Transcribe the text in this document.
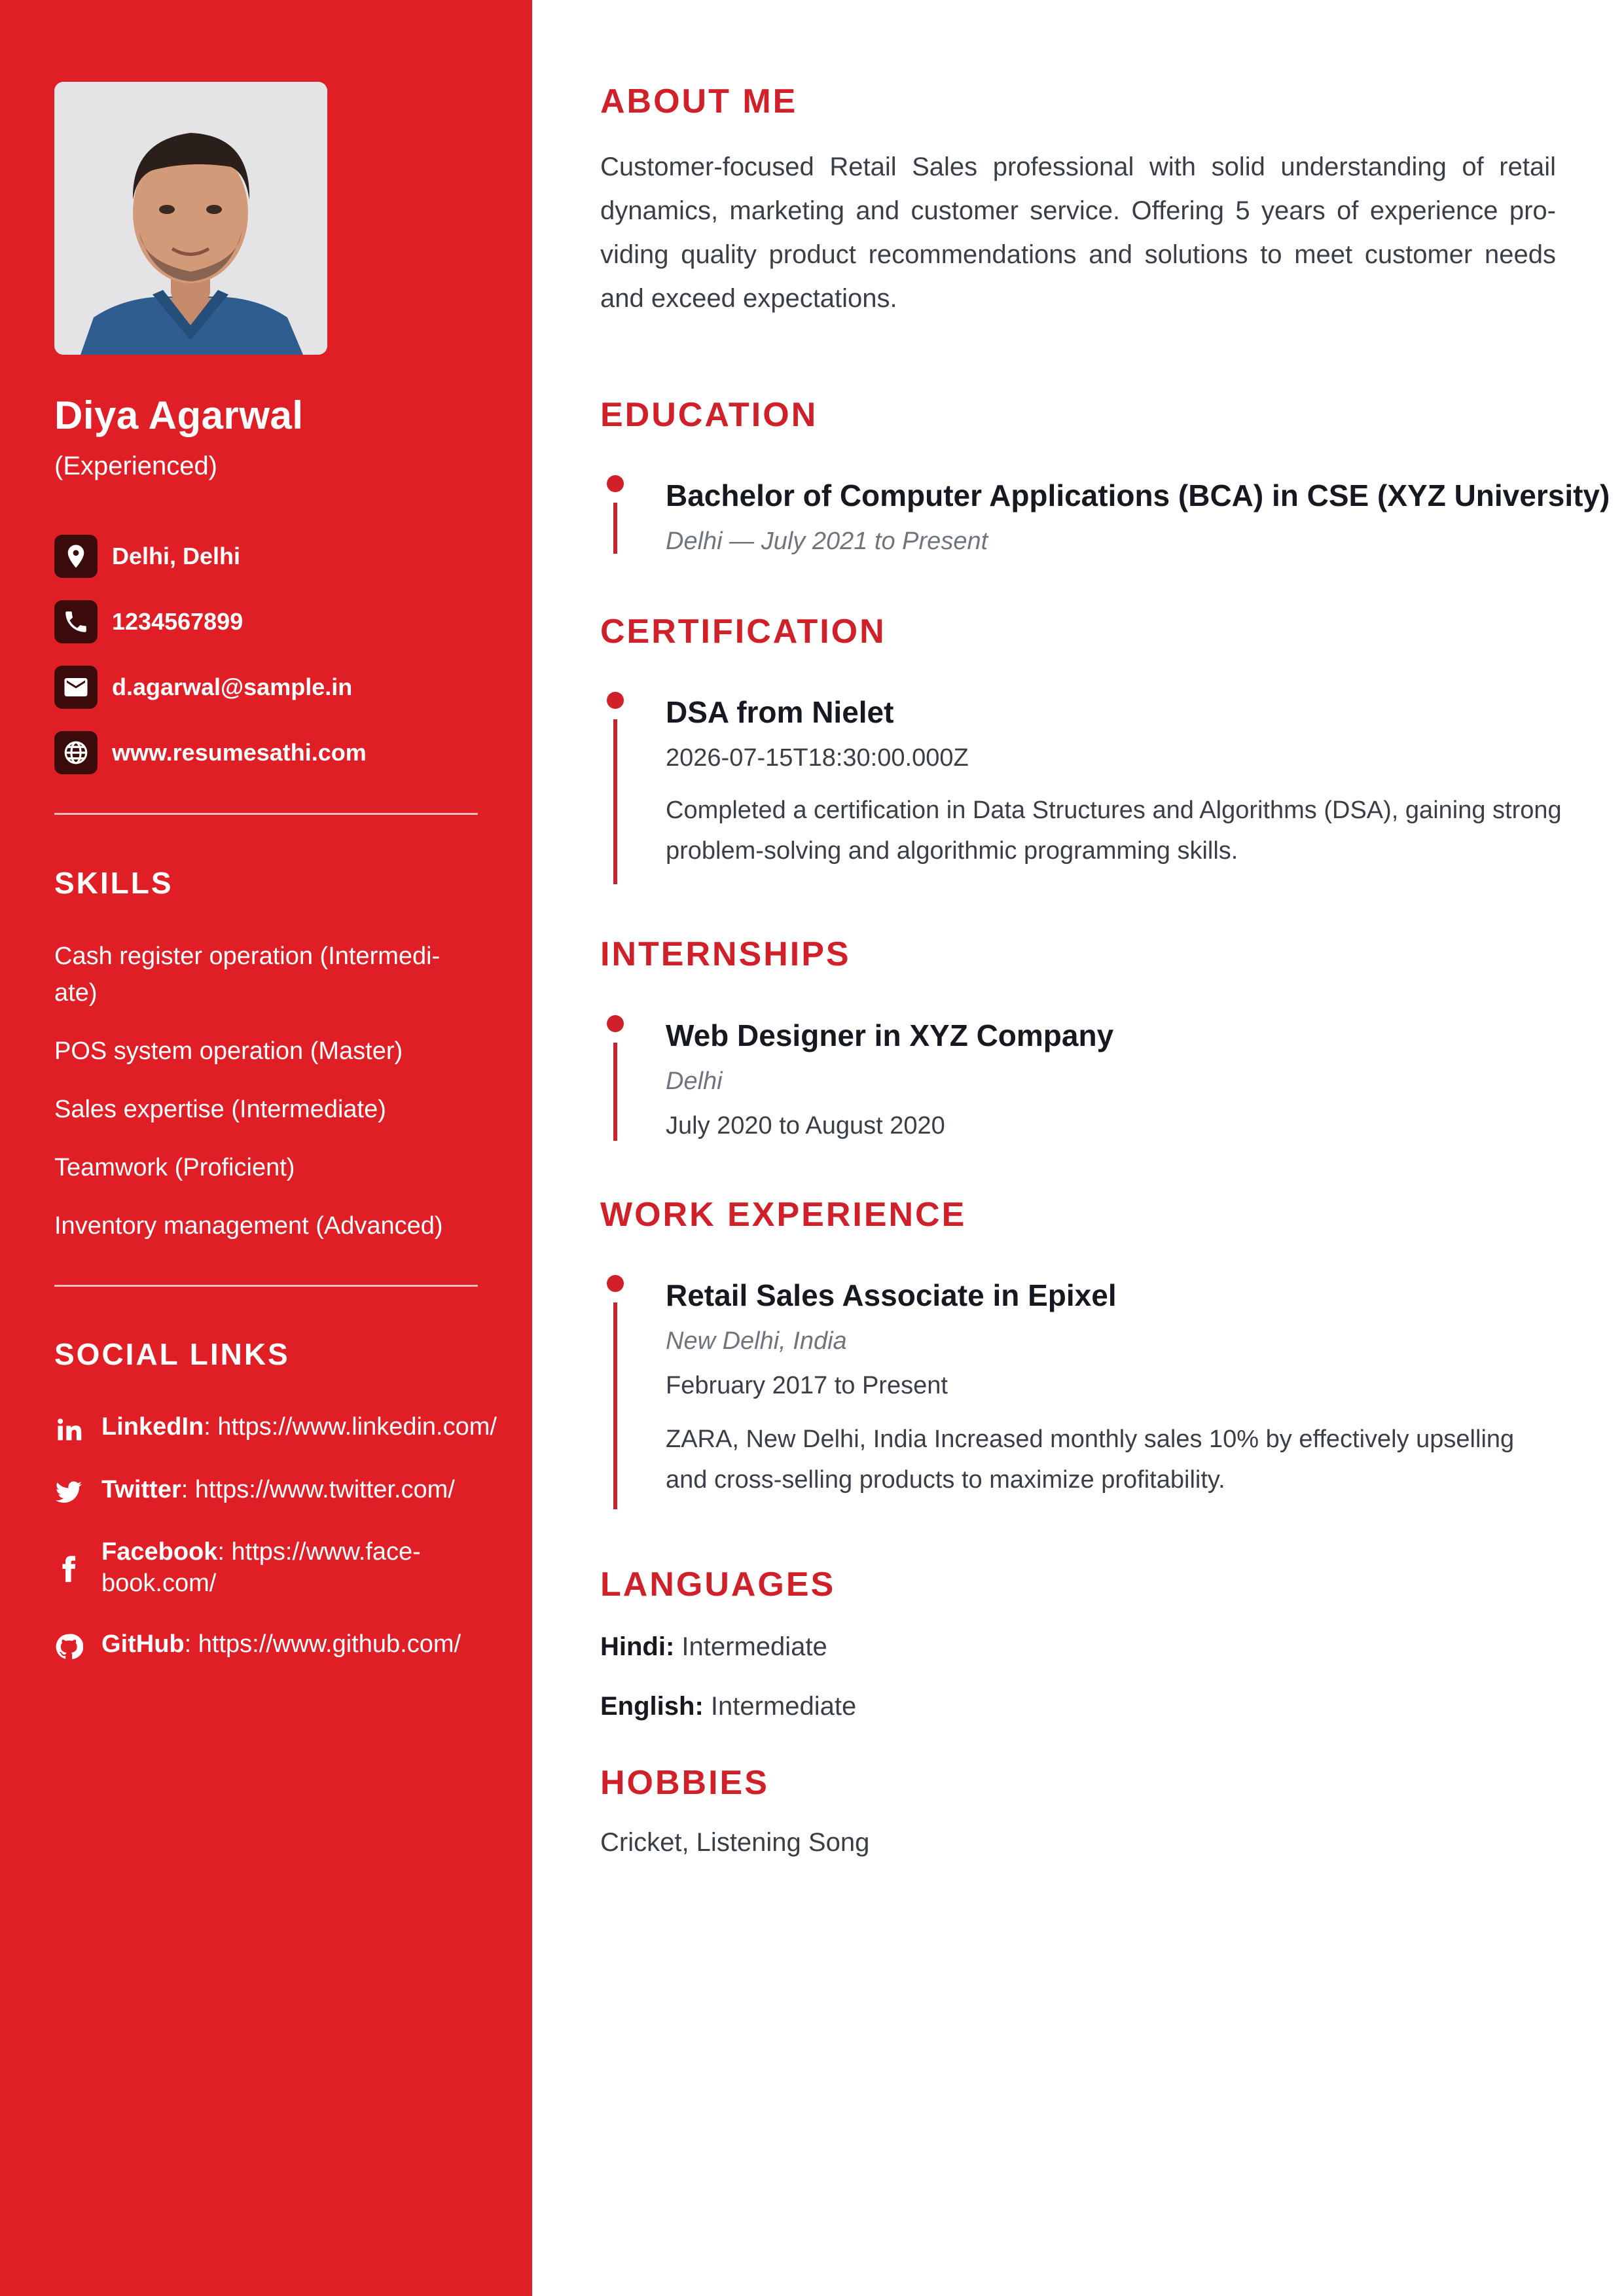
Diya Agarwal
(Experienced)
Delhi, Delhi
1234567899
d.agarwal@sample.in
www.resumesathi.com
SKILLS
Cash register operation (Intermedi-ate)
POS system operation (Master)
Sales expertise (Intermediate)
Teamwork (Proficient)
Inventory management (Advanced)
SOCIAL LINKS
LinkedIn: https://www.linkedin.com/
Twitter: https://www.twitter.com/
Facebook: https://www.face-book.com/
GitHub: https://www.github.com/
ABOUT ME
Customer-focused Retail Sales professional with solid understanding of retail dynamics, marketing and customer service. Offering 5 years of experience pro-viding quality product recommendations and solutions to meet customer needs and exceed expectations.
EDUCATION
Bachelor of Computer Applications (BCA) in CSE (XYZ University)
Delhi — July 2021 to Present
CERTIFICATION
DSA from Nielet
2026-07-15T18:30:00.000Z
Completed a certification in Data Structures and Algorithms (DSA), gaining strong problem-solving and algorithmic programming skills.
INTERNSHIPS
Web Designer in XYZ Company
Delhi
July 2020 to August 2020
WORK EXPERIENCE
Retail Sales Associate in Epixel
New Delhi, India
February 2017 to Present
ZARA, New Delhi, India Increased monthly sales 10% by effectively upselling and cross-selling products to maximize profitability.
LANGUAGES
Hindi: Intermediate
English: Intermediate
HOBBIES
Cricket, Listening Song
